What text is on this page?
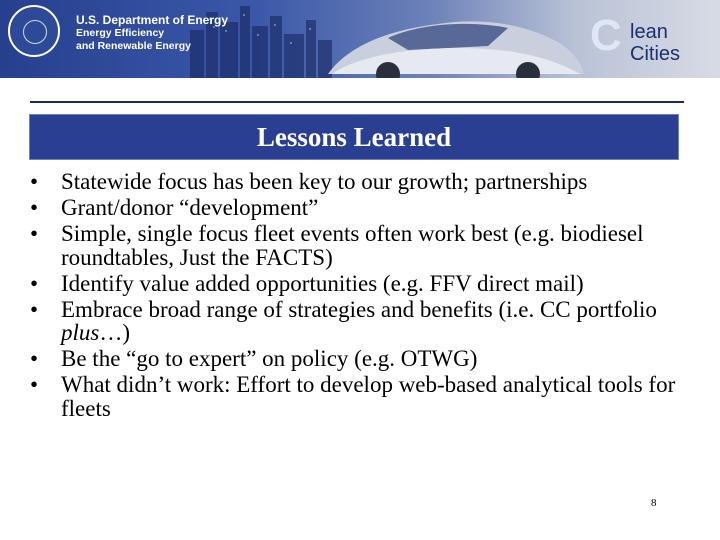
U.S. Department of Energy
Energy Efficiency
and Renewable Energy	C lean
Cities
Lessons Learned
• Statewide focus has been key to our growth; partnerships
• Grant/donor “development”
• Simple, single focus fleet events often work best (e.g. biodiesel roundtables, Just the FACTS)
• Identify value added opportunities (e.g. FFV direct mail)
• Embrace broad range of strategies and benefits (i.e. CC portfolio plus…)
• Be the “go to expert” on policy (e.g. OTWG)
• What didn’t work: Effort to develop web-based analytical tools for fleets
8
